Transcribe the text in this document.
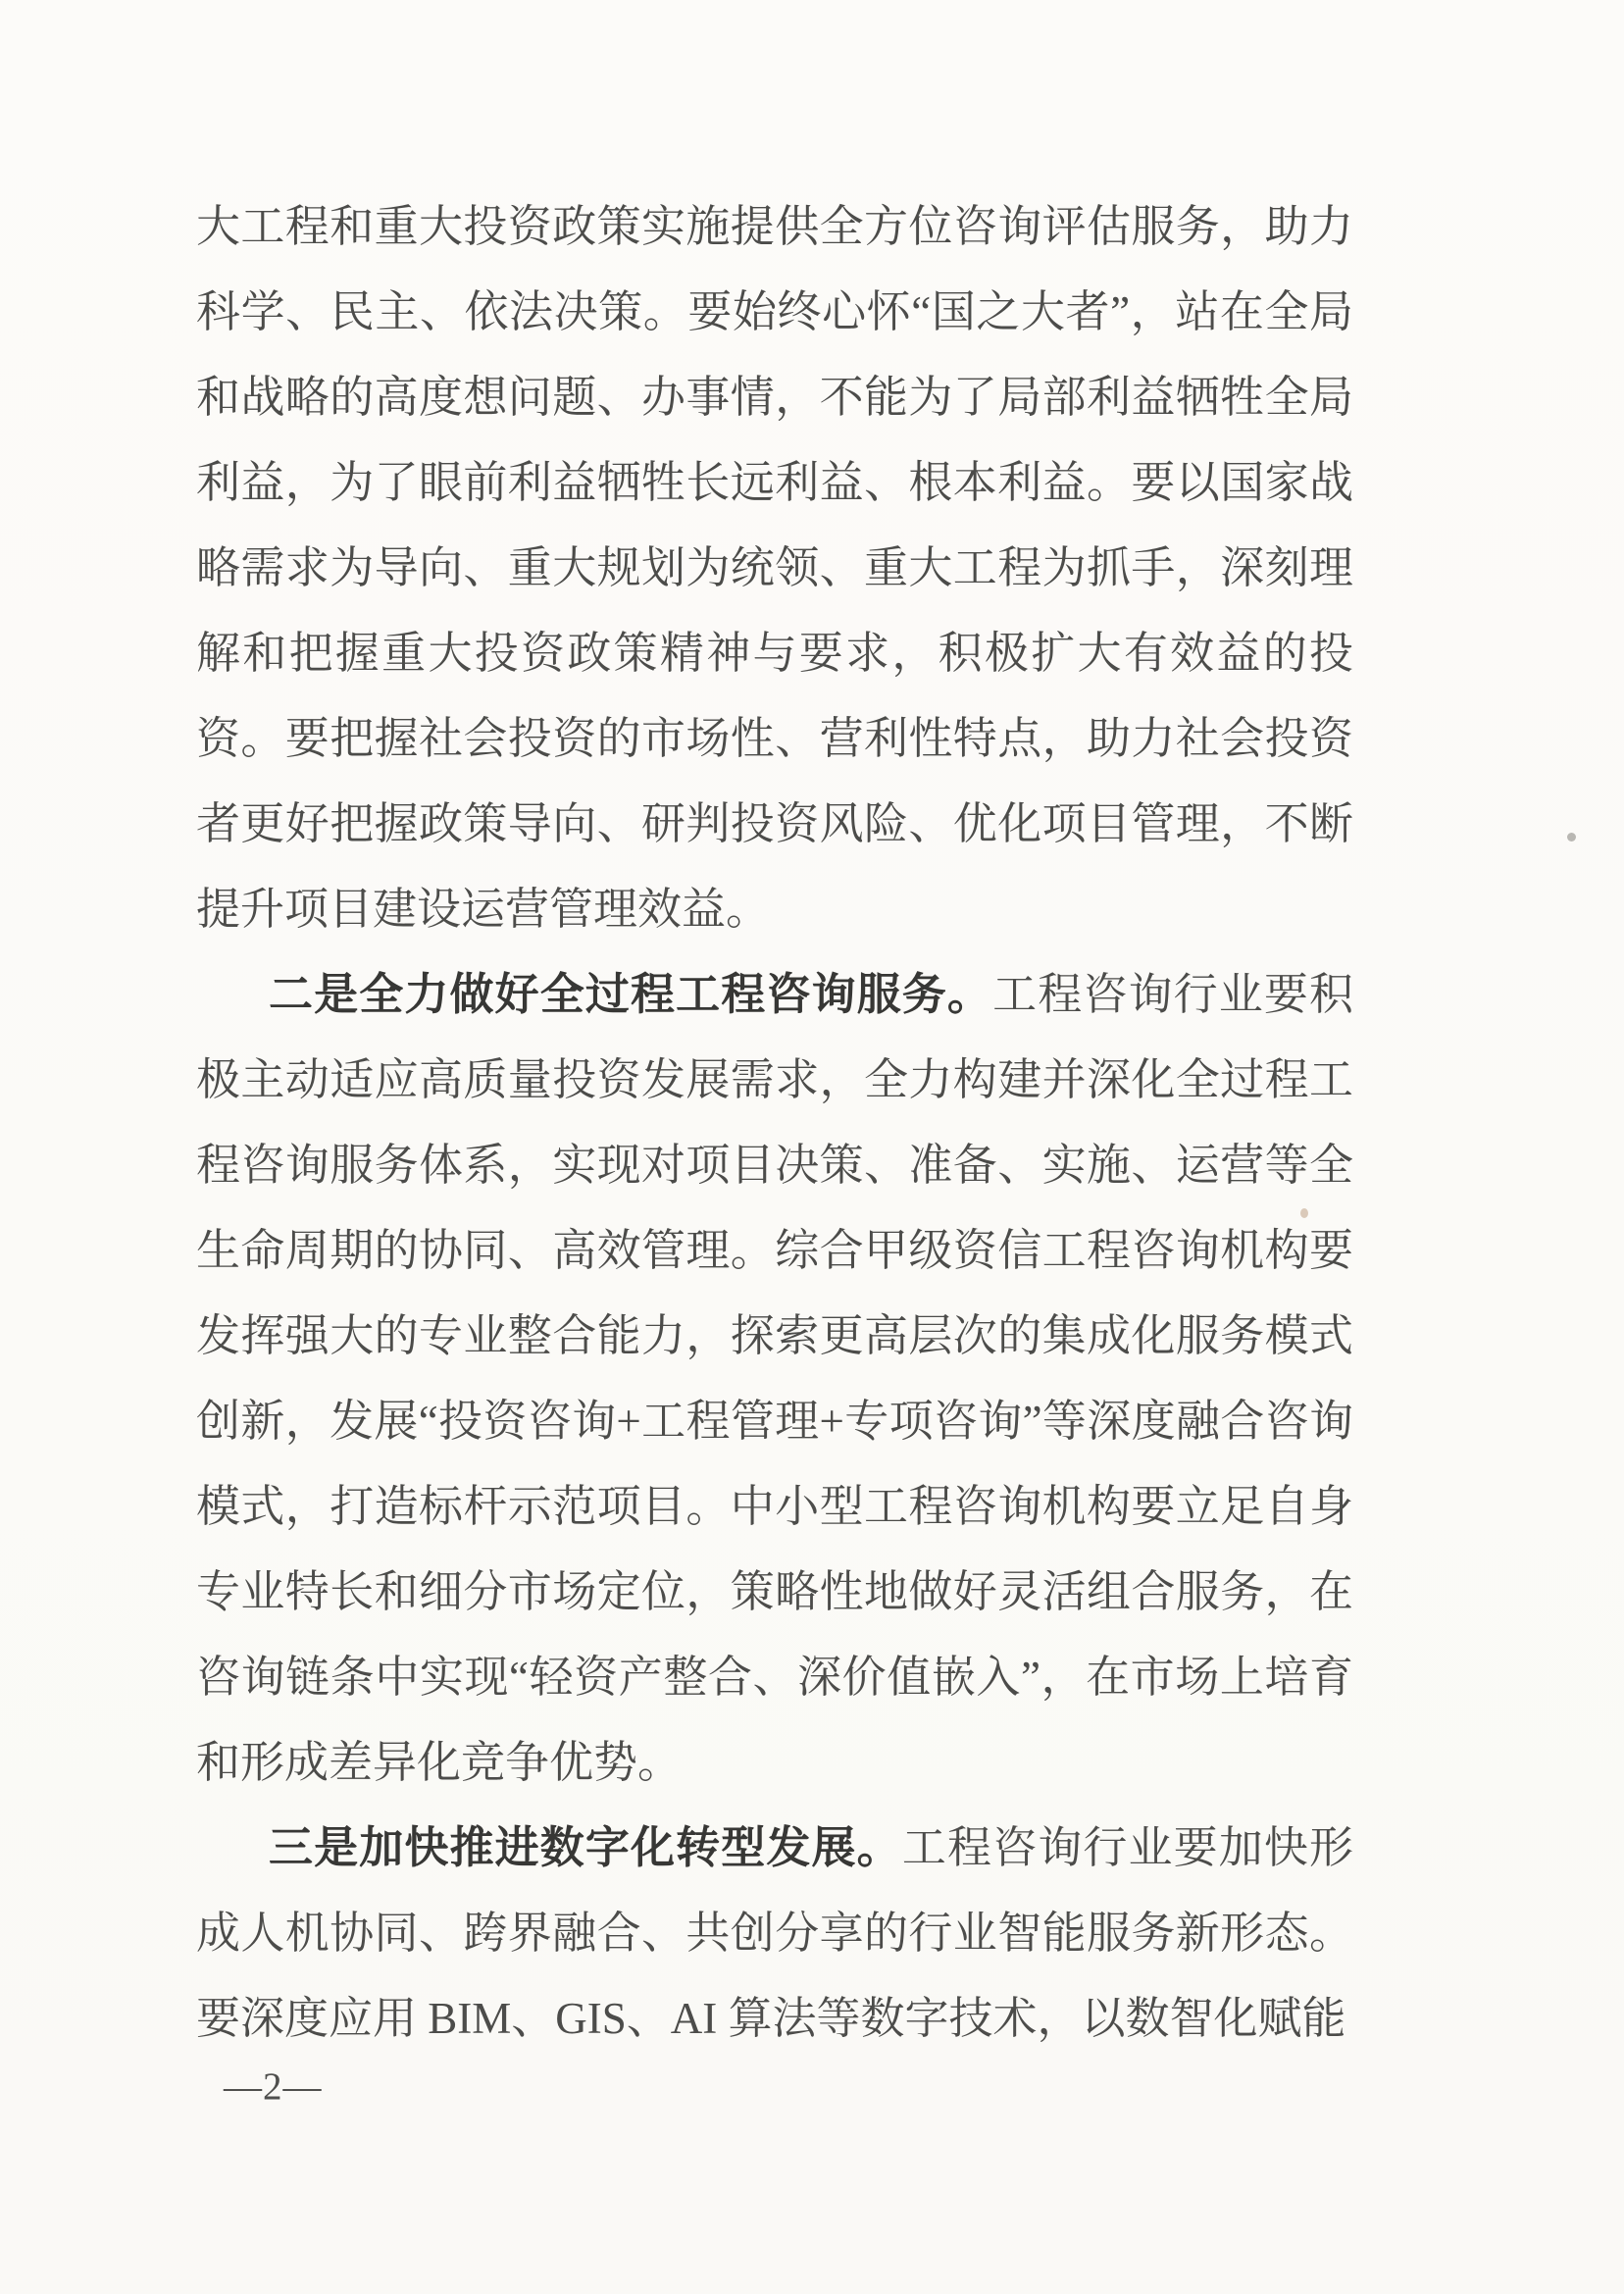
大工程和重大投资政策实施提供全方位咨询评估服务，助力科学、民主、依法决策。要始终心怀“国之大者”，站在全局和战略的高度想问题、办事情，不能为了局部利益牺牲全局利益，为了眼前利益牺牲长远利益、根本利益。要以国家战略需求为导向、重大规划为统领、重大工程为抓手，深刻理解和把握重大投资政策精神与要求，积极扩大有效益的投资。要把握社会投资的市场性、营利性特点，助力社会投资者更好把握政策导向、研判投资风险、优化项目管理，不断提升项目建设运营管理效益。

二是全力做好全过程工程咨询服务。工程咨询行业要积极主动适应高质量投资发展需求，全力构建并深化全过程工程咨询服务体系，实现对项目决策、准备、实施、运营等全生命周期的协同、高效管理。综合甲级资信工程咨询机构要发挥强大的专业整合能力，探索更高层次的集成化服务模式创新，发展“投资咨询+工程管理+专项咨询”等深度融合咨询模式，打造标杆示范项目。中小型工程咨询机构要立足自身专业特长和细分市场定位，策略性地做好灵活组合服务，在咨询链条中实现“轻资产整合、深价值嵌入”，在市场上培育和形成差异化竞争优势。

三是加快推进数字化转型发展。工程咨询行业要加快形成人机协同、跨界融合、共创分享的行业智能服务新形态。要深度应用 BIM、GIS、AI 算法等数字技术，以数智化赋能

—2—
